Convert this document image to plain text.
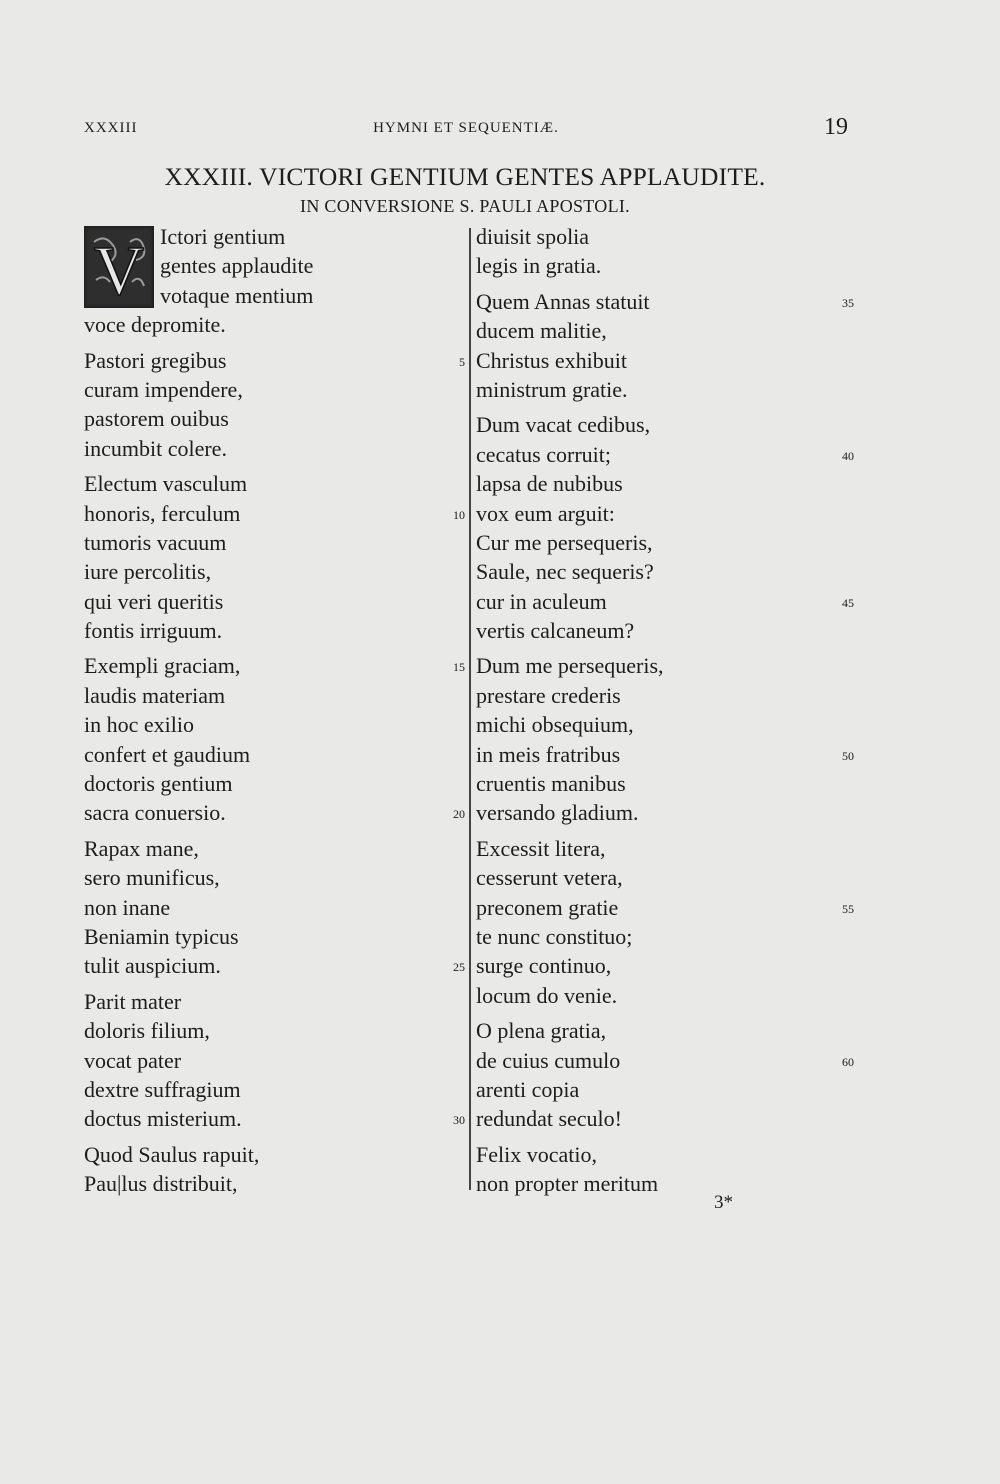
XXXIII	HYMNI ET SEQUENTIÆ.	19
XXXIII. VICTORI GENTIUM GENTES APPLAUDITE.
IN CONVERSIONE S. PAULI APOSTOLI.
V Ictori gentium
gentes applaudite
votaque mentium
voce depromite.
Pastori gregibus	5
curam impendere,
pastorem ouibus
incumbit colere.
Electum vasculum
honoris, ferculum	10
tumoris vacuum
iure percolitis,
qui veri queritis
fontis irriguum.
Exempli graciam,	15
laudis materiam
in hoc exilio
confert et gaudium
doctoris gentium
sacra conuersio.	20
Rapax mane,
sero munificus,
non inane
Beniamin typicus
tulit auspicium.	25
Parit mater
doloris filium,
vocat pater
dextre suffragium
doctus misterium.	30
Quod Saulus rapuit,
Pau|lus distribuit,
diuisit spolia
legis in gratia.
Quem Annas statuit	35
ducem malitie,
Christus exhibuit
ministrum gratie.
Dum vacat cedibus,
cecatus corruit;	40
lapsa de nubibus
vox eum arguit:
Cur me persequeris,
Saule, nec sequeris?
cur in aculeum	45
vertis calcaneum?
Dum me persequeris,
prestare crederis
michi obsequium,
in meis fratribus	50
cruentis manibus
versando gladium.
Excessit litera,
cesserunt vetera,
preconem gratie	55
te nunc constituo;
surge continuo,
locum do venie.
O plena gratia,
de cuius cumulo	60
arenti copia
redundat seculo!
Felix vocatio,
non propter meritum
3*
